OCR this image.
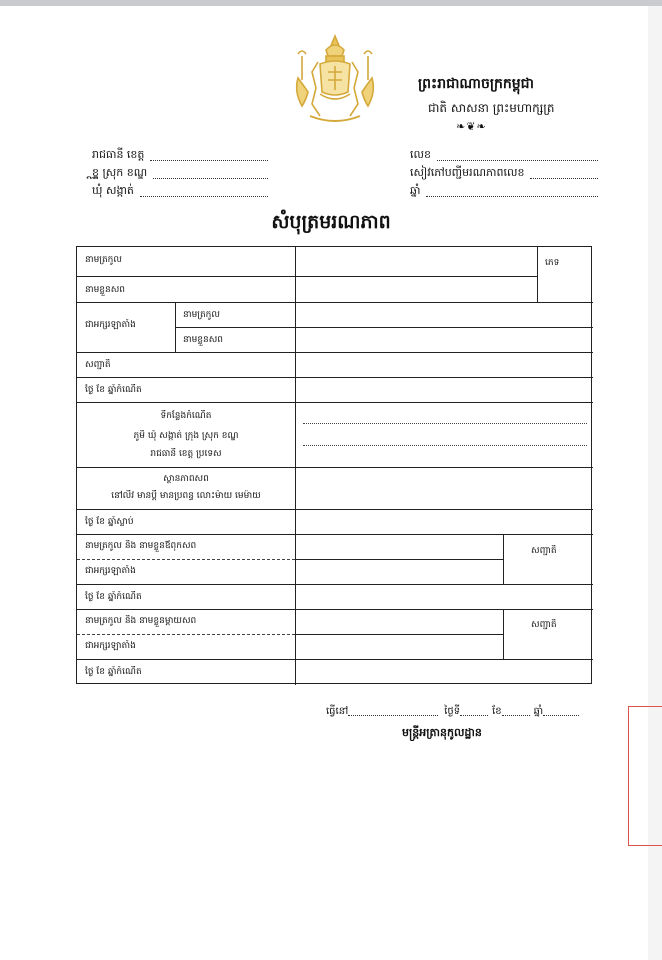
ព្រះរាជាណាចក្រកម្ពុជា
ជាតិ សាសនា ព្រះមហាក្សត្រ
❧❦❧
រាជធានី ខេត្ត
ខ្ណ្ឌ ស្រុក ខណ្ឌ
ឃុំ សង្កាត់
លេខ
សៀវភៅបញ្ជីមរណភាពលេខ
ឆ្នាំ
សំបុត្រមរណភាព
នាមត្រកូល	ភេទ
នាមខ្លួនសព
ជាអក្សរឡាតាំង
នាមត្រកូល
នាមខ្លួនសព
សញ្ជាតិ
ថ្ងៃ ខែ ឆ្នាំកំណើត
ទីកន្លែងកំណើត
ភូមិ ឃុំ សង្កាត់ ក្រុង ស្រុក ខណ្ឌ
រាជធានី ខេត្ត ប្រទេស
ស្ថានភាពសព
នៅលីវ មានប្តី មានប្រពន្ធ លោះម៉ាយ មេម៉ាយ
ថ្ងៃ ខែ ឆ្នាំស្លាប់
នាមត្រកូល និង នាមខ្លួនឪពុកសព
ជាអក្សរឡាតាំង
សញ្ជាតិ
ថ្ងៃ ខែ ឆ្នាំកំណើត
នាមត្រកូល និង នាមខ្លួនម្តាយសព
ជាអក្សរឡាតាំង
សញ្ជាតិ
ថ្ងៃ ខែ ឆ្នាំកំណើត
ធ្វើនៅ	ថ្ងៃទី	ខែ	ឆ្នាំ
មន្ត្រីអត្រានុកូលដ្ឋាន
